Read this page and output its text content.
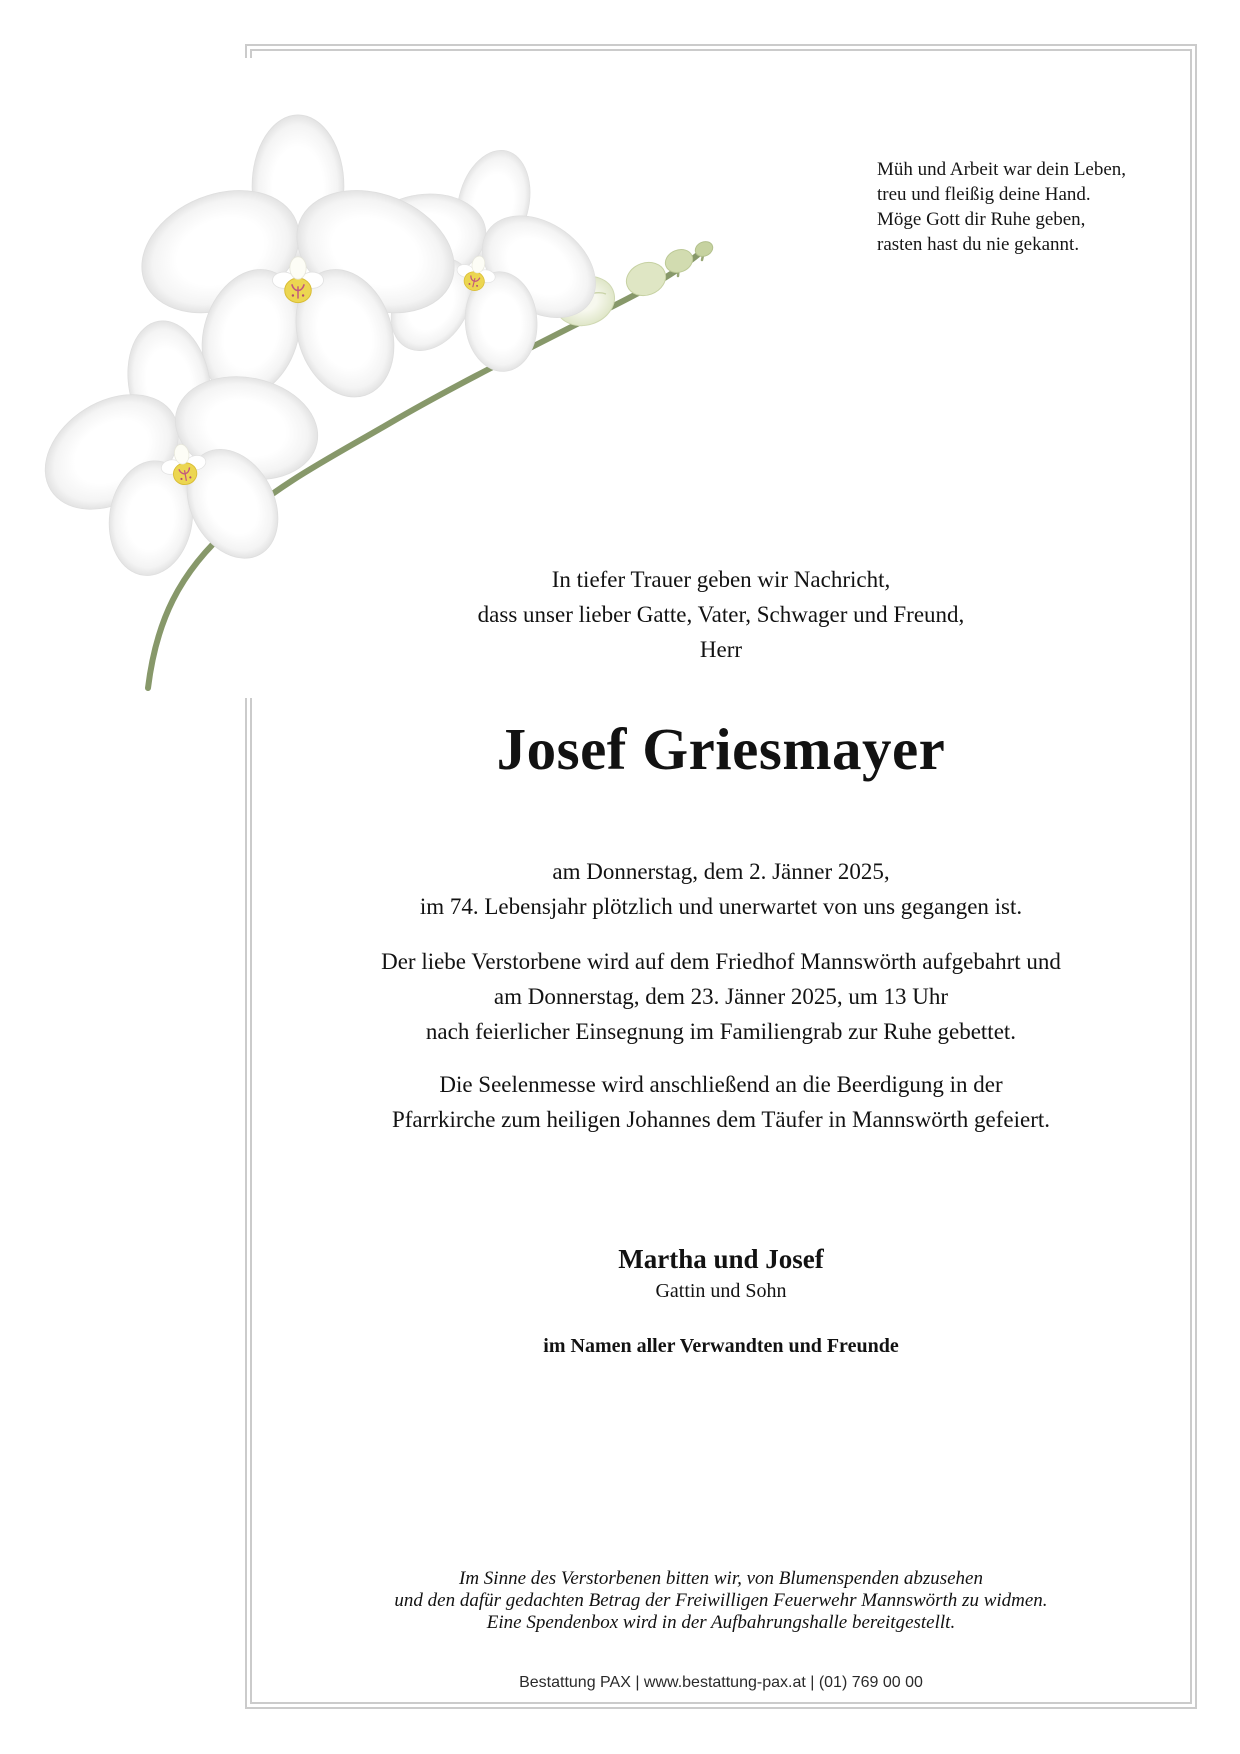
Müh und Arbeit war dein Leben,
treu und fleißig deine Hand.
Möge Gott dir Ruhe geben,
rasten hast du nie gekannt.
In tiefer Trauer geben wir Nachricht,
dass unser lieber Gatte, Vater, Schwager und Freund,
Herr
Josef Griesmayer
am Donnerstag, dem 2. Jänner 2025,
im 74. Lebensjahr plötzlich und unerwartet von uns gegangen ist.
Der liebe Verstorbene wird auf dem Friedhof Mannswörth aufgebahrt und
am Donnerstag, dem 23. Jänner 2025, um 13 Uhr
nach feierlicher Einsegnung im Familiengrab zur Ruhe gebettet.
Die Seelenmesse wird anschließend an die Beerdigung in der
Pfarrkirche zum heiligen Johannes dem Täufer in Mannswörth gefeiert.
Martha und Josef
Gattin und Sohn
im Namen aller Verwandten und Freunde
Im Sinne des Verstorbenen bitten wir, von Blumenspenden abzusehen
und den dafür gedachten Betrag der Freiwilligen Feuerwehr Mannswörth zu widmen.
Eine Spendenbox wird in der Aufbahrungshalle bereitgestellt.
Bestattung PAX | www.bestattung-pax.at | (01) 769 00 00
